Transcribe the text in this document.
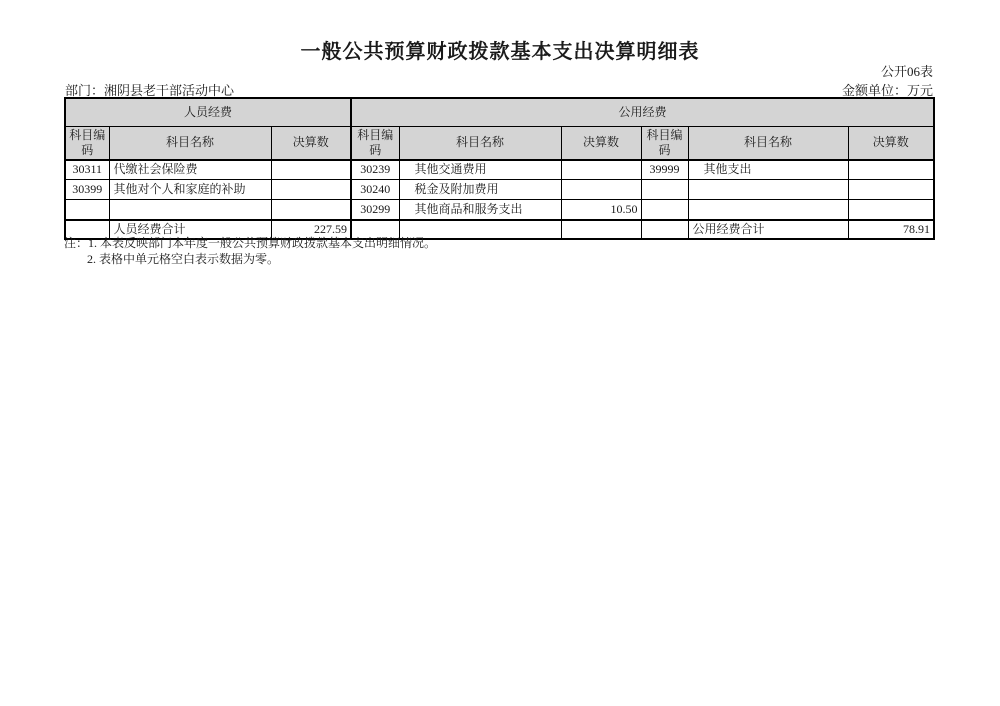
一般公共预算财政拨款基本支出决算明细表
公开06表
部门：湘阴县老干部活动中心	金额单位：万元
人员经费			公用经费					
科目编码	科目名称	决算数	科目编码	科目名称	决算数	科目编码	科目名称	决算数
30311	代缴社会保险费		30239	其他交通费用		39999	其他支出	
30399	其他对个人和家庭的补助		30240	税金及附加费用				
			30299	其他商品和服务支出	10.50			
	人员经费合计	227.59					公用经费合计	78.91
注：1. 本表反映部门本年度一般公共预算财政拨款基本支出明细情况。
2. 表格中单元格空白表示数据为零。
